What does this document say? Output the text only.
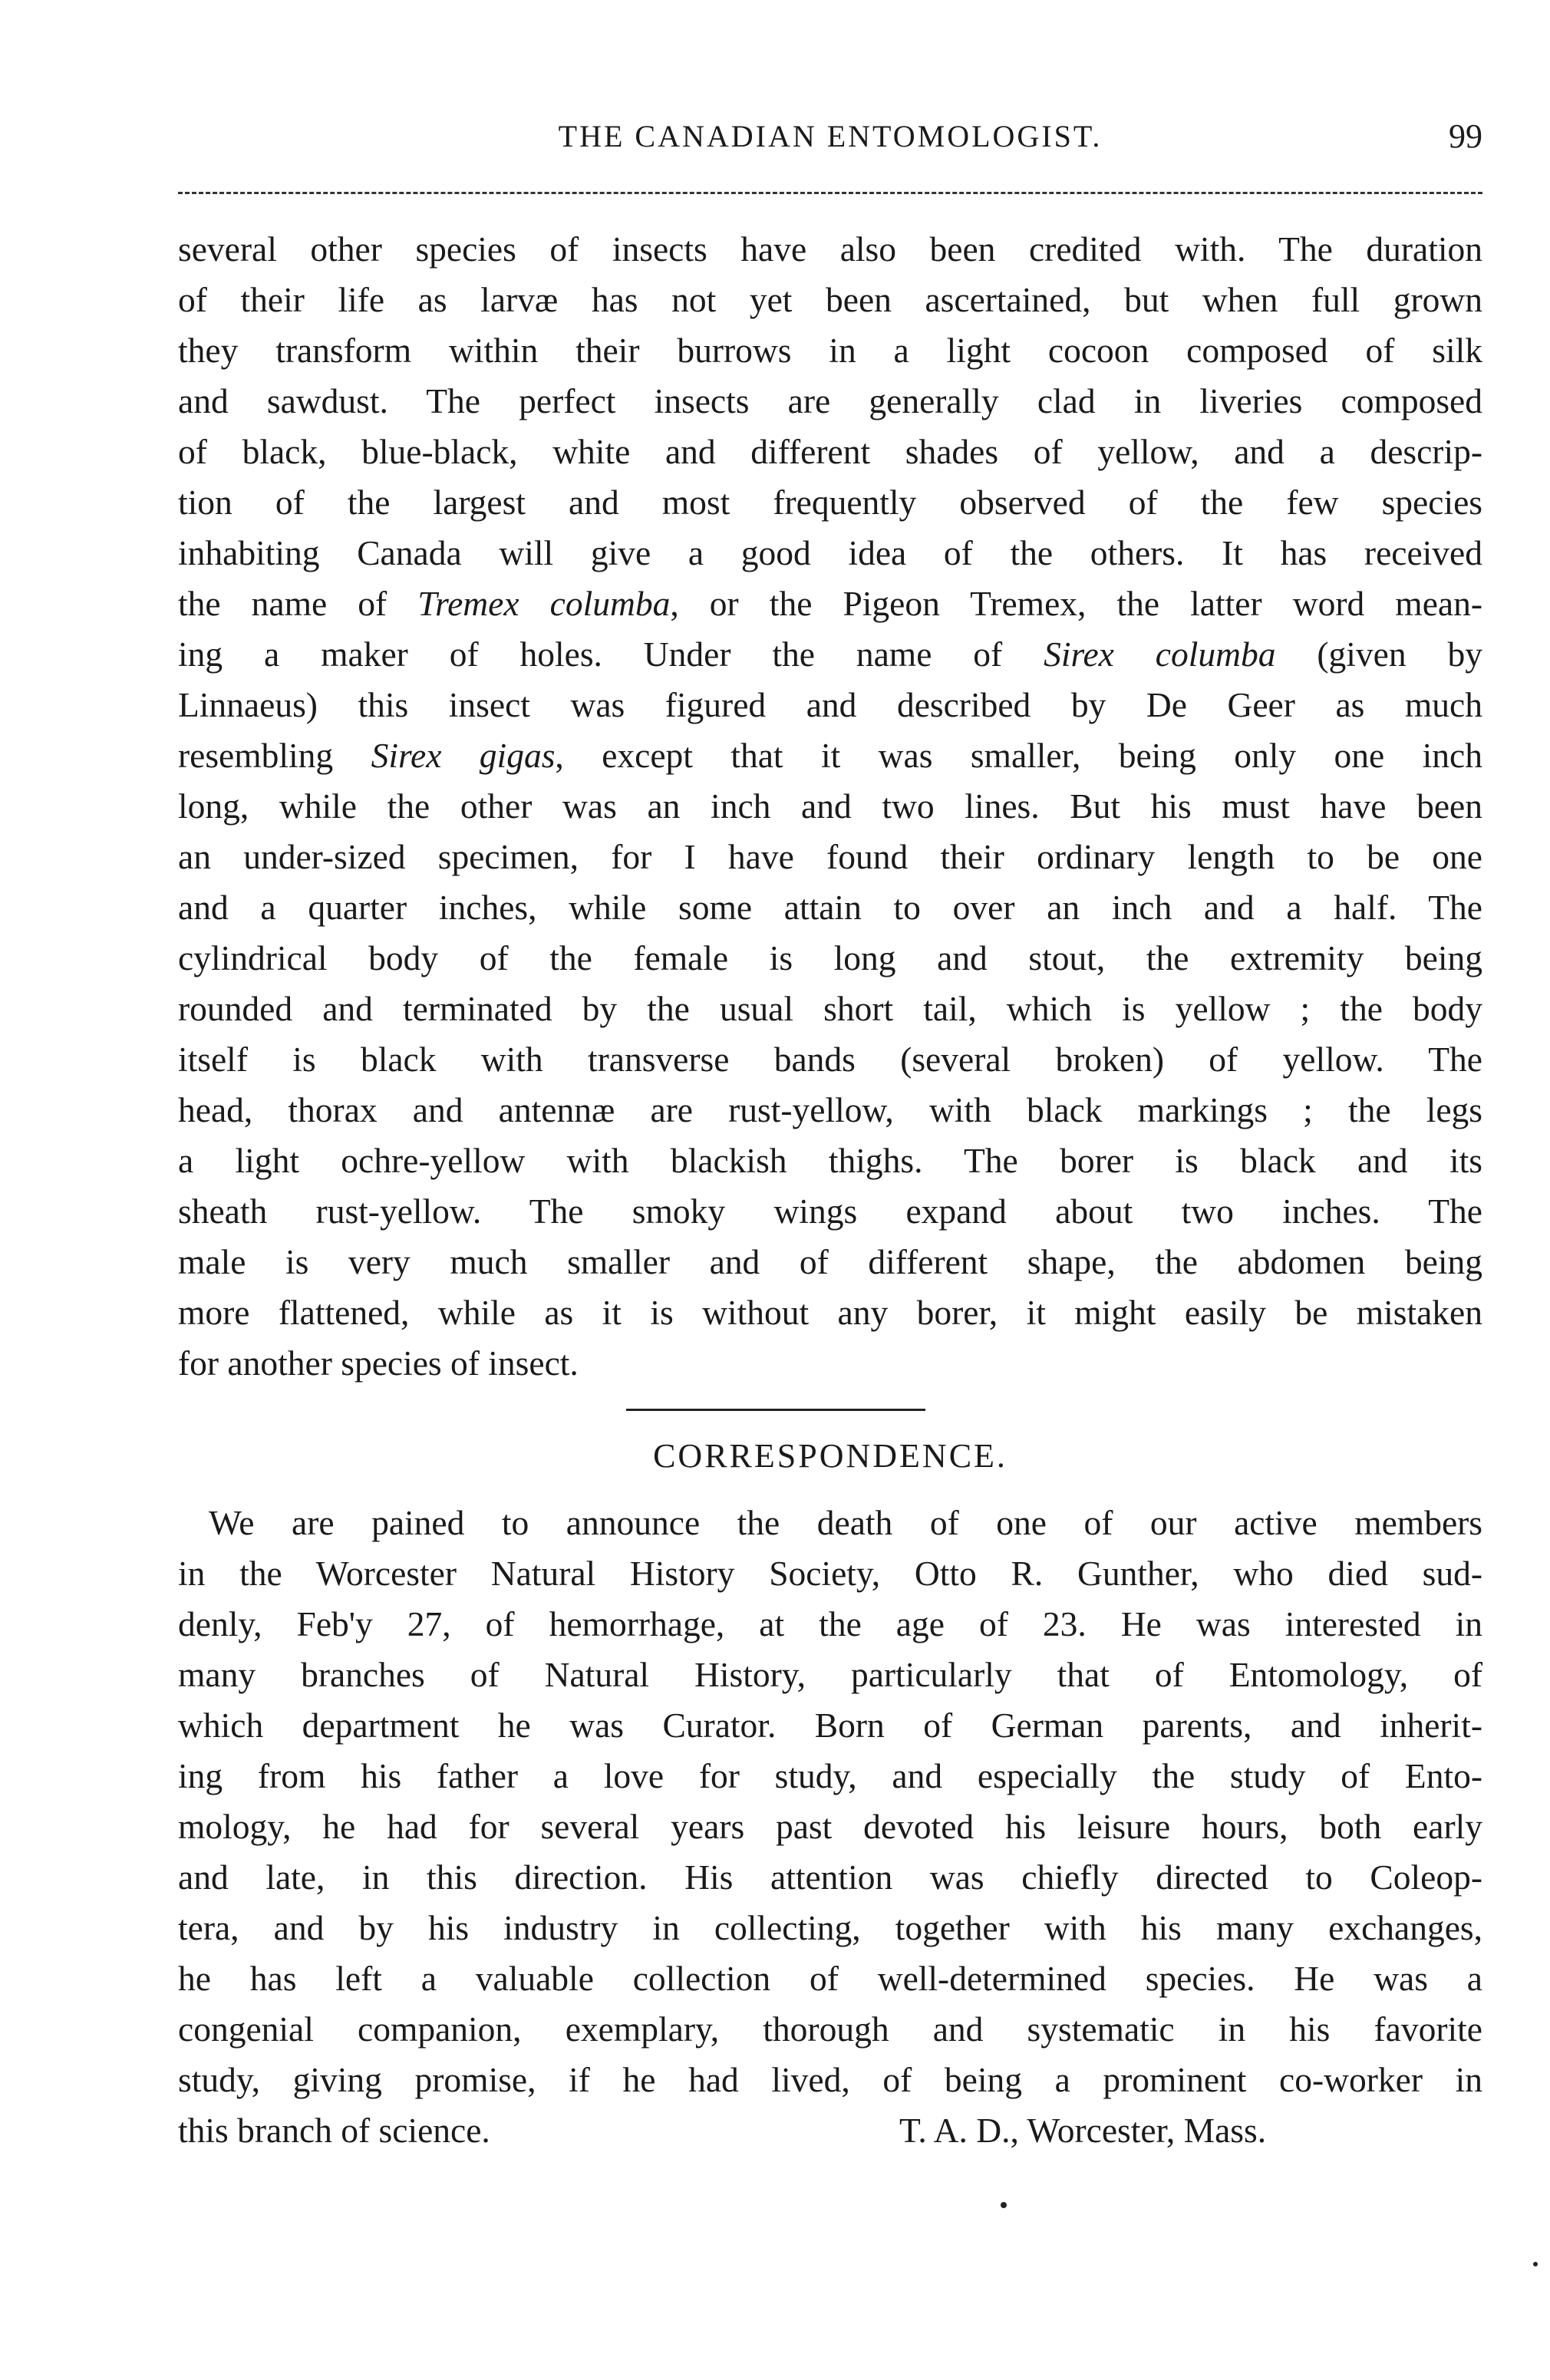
THE CANADIAN ENTOMOLOGIST.	99
several other species of insects have also been credited with. The duration
of their life as larvæ has not yet been ascertained, but when full grown
they transform within their burrows in a light cocoon composed of silk
and sawdust. The perfect insects are generally clad in liveries composed
of black, blue-black, white and different shades of yellow, and a descrip-
tion of the largest and most frequently observed of the few species
inhabiting Canada will give a good idea of the others. It has received
the name of Tremex columba, or the Pigeon Tremex, the latter word mean-
ing a maker of holes. Under the name of Sirex columba (given by
Linnaeus) this insect was figured and described by De Geer as much
resembling Sirex gigas, except that it was smaller, being only one inch
long, while the other was an inch and two lines. But his must have been
an under-sized specimen, for I have found their ordinary length to be one
and a quarter inches, while some attain to over an inch and a half. The
cylindrical body of the female is long and stout, the extremity being
rounded and terminated by the usual short tail, which is yellow ; the body
itself is black with transverse bands (several broken) of yellow. The
head, thorax and antennæ are rust-yellow, with black markings ; the legs
a light ochre-yellow with blackish thighs. The borer is black and its
sheath rust-yellow. The smoky wings expand about two inches. The
male is very much smaller and of different shape, the abdomen being
more flattened, while as it is without any borer, it might easily be mistaken
for another species of insect.
CORRESPONDENCE.
We are pained to announce the death of one of our active members
in the Worcester Natural History Society, Otto R. Gunther, who died sud-
denly, Feb'y 27, of hemorrhage, at the age of 23. He was interested in
many branches of Natural History, particularly that of Entomology, of
which department he was Curator. Born of German parents, and inherit-
ing from his father a love for study, and especially the study of Ento-
mology, he had for several years past devoted his leisure hours, both early
and late, in this direction. His attention was chiefly directed to Coleop-
tera, and by his industry in collecting, together with his many exchanges,
he has left a valuable collection of well-determined species. He was a
congenial companion, exemplary, thorough and systematic in his favorite
study, giving promise, if he had lived, of being a prominent co-worker in
this branch of science.	T. A. D., Worcester, Mass.
